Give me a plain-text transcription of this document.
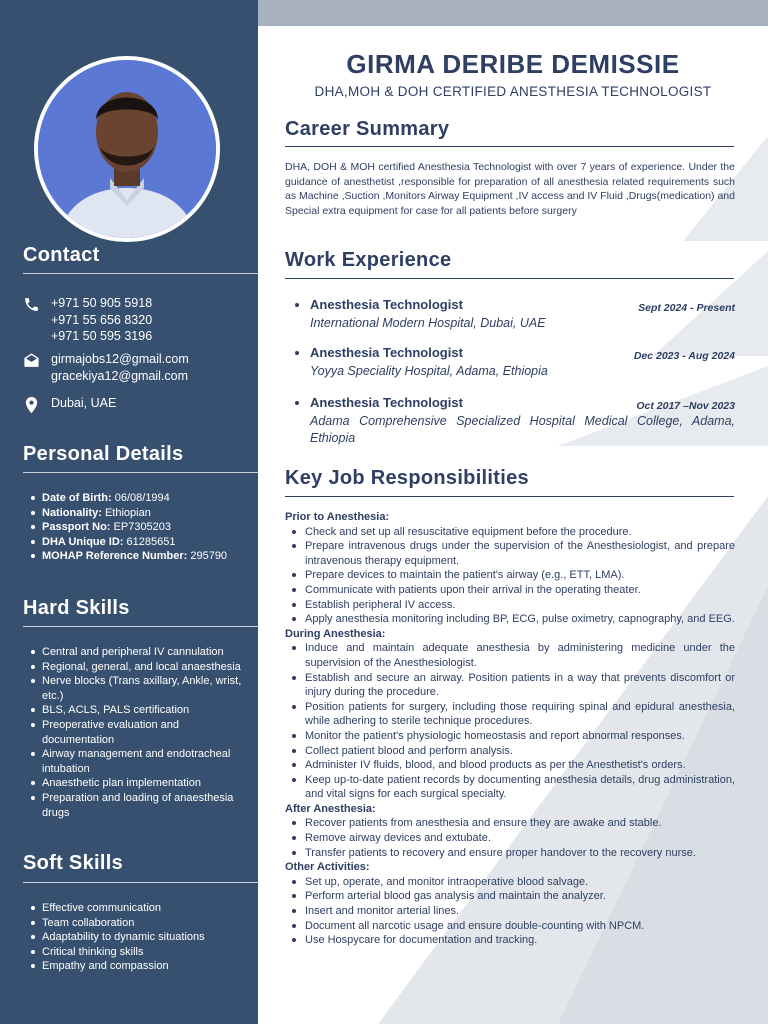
Contact
+971 50 905 5918
+971 55 656 8320
+971 50 595 3196
girmajobs12@gmail.com
gracekiya12@gmail.com
Dubai, UAE
Personal Details
Date of Birth: 06/08/1994
Nationality: Ethiopian
Passport No: EP7305203
DHA Unique ID: 61285651
MOHAP Reference Number: 295790
Hard Skills
Central and peripheral IV cannulation
Regional, general, and local anaesthesia
Nerve blocks (Trans axillary, Ankle, wrist, etc.)
BLS, ACLS, PALS certification
Preoperative evaluation and documentation
Airway management and endotracheal intubation
Anaesthetic plan implementation
Preparation and loading of anaesthesia drugs
Soft Skills
Effective communication
Team collaboration
Adaptability to dynamic situations
Critical thinking skills
Empathy and compassion
GIRMA DERIBE DEMISSIE
DHA,MOH & DOH CERTIFIED ANESTHESIA TECHNOLOGIST
Career Summary
DHA, DOH & MOH certified Anesthesia Technologist with over 7 years of experience. Under the guidance of anesthetist ,responsible for preparation of all anesthesia related requirements such as Machine ,Suction ,Monitors Airway Equipment ,IV access and IV Fluid ,Drugs(medication) and Special extra equipment for case for all patients before surgery
Work Experience
Anesthesia Technologist	Sept 2024 - Present
International Modern Hospital, Dubai, UAE
Anesthesia Technologist	Dec 2023 - Aug 2024
Yoyya Speciality Hospital, Adama, Ethiopia
Anesthesia Technologist	Oct 2017 –Nov 2023
Adama Comprehensive Specialized Hospital Medical College, Adama, Ethiopia
Key Job Responsibilities
Prior to Anesthesia:
Check and set up all resuscitative equipment before the procedure.
Prepare intravenous drugs under the supervision of the Anesthesiologist, and prepare intravenous therapy equipment.
Prepare devices to maintain the patient's airway (e.g., ETT, LMA).
Communicate with patients upon their arrival in the operating theater.
Establish peripheral IV access.
Apply anesthesia monitoring including BP, ECG, pulse oximetry, capnography, and EEG.
During Anesthesia:
Induce and maintain adequate anesthesia by administering medicine under the supervision of the Anesthesiologist.
Establish and secure an airway. Position patients in a way that prevents discomfort or injury during the procedure.
Position patients for surgery, including those requiring spinal and epidural anesthesia, while adhering to sterile technique procedures.
Monitor the patient's physiologic homeostasis and report abnormal responses.
Collect patient blood and perform analysis.
Administer IV fluids, blood, and blood products as per the Anesthetist's orders.
Keep up-to-date patient records by documenting anesthesia details, drug administration, and vital signs for each surgical specialty.
After Anesthesia:
Recover patients from anesthesia and ensure they are awake and stable.
Remove airway devices and extubate.
Transfer patients to recovery and ensure proper handover to the recovery nurse.
Other Activities:
Set up, operate, and monitor intraoperative blood salvage.
Perform arterial blood gas analysis and maintain the analyzer.
Insert and monitor arterial lines.
Document all narcotic usage and ensure double-counting with NPCM.
Use Hospycare for documentation and tracking.
